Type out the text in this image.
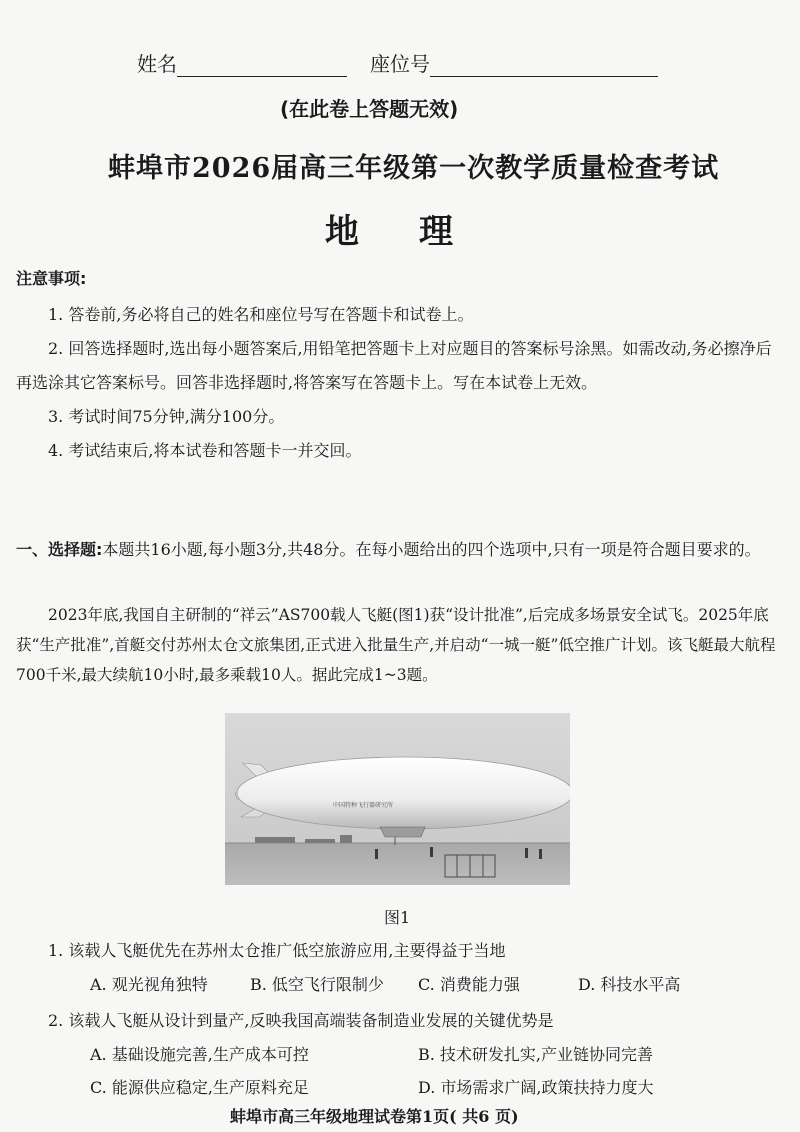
姓名	座位号
(在此卷上答题无效)
蚌埠市2026届高三年级第一次教学质量检查考试
地理
注意事项:
1. 答卷前,务必将自己的姓名和座位号写在答题卡和试卷上。
2. 回答选择题时,选出每小题答案后,用铅笔把答题卡上对应题目的答案标号涂黑。如需改动,务必擦净后再选涂其它答案标号。回答非选择题时,将答案写在答题卡上。写在本试卷上无效。
3. 考试时间75分钟,满分100分。
4. 考试结束后,将本试卷和答题卡一并交回。
一、选择题:本题共16小题,每小题3分,共48分。在每小题给出的四个选项中,只有一项是符合题目要求的。
2023年底,我国自主研制的“祥云”AS700载人飞艇(图1)获“设计批准”,后完成多场景安全试飞。2025年底获“生产批准”,首艇交付苏州太仓文旅集团,正式进入批量生产,并启动“一城一艇”低空推广计划。该飞艇最大航程700千米,最大续航10小时,最多乘载10人。据此完成1~3题。
中国特种飞行器研究所
图1
1. 该载人飞艇优先在苏州太仓推广低空旅游应用,主要得益于当地
A. 观光视角独特	B. 低空飞行限制少 C. 消费能力强	D. 科技水平高
2. 该载人飞艇从设计到量产,反映我国高端装备制造业发展的关键优势是
A. 基础设施完善,生产成本可控	B. 技术研发扎实,产业链协同完善
C. 能源供应稳定,生产原料充足	D. 市场需求广阔,政策扶持力度大
蚌埠市高三年级地理试卷第1页( 共6 页)
